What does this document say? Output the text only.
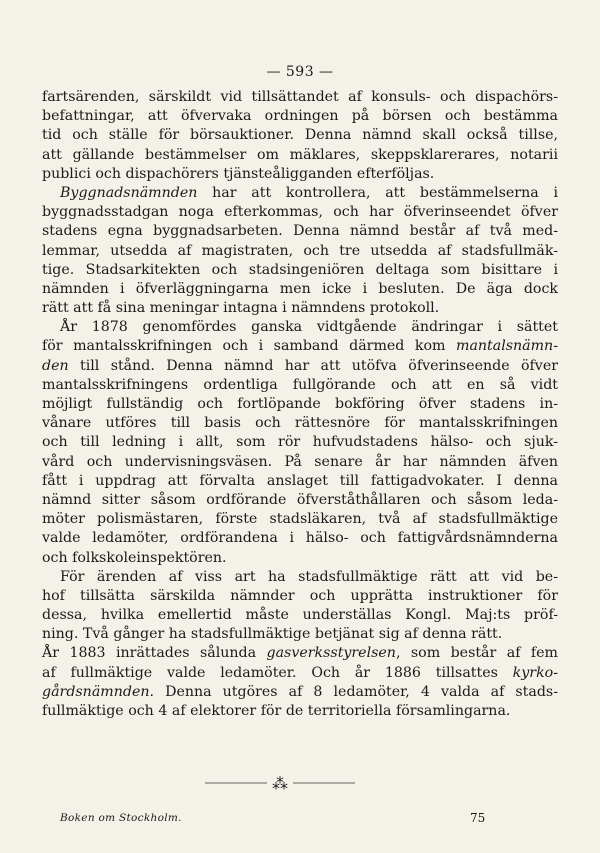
— 593 —
fartsärenden, särskildt vid tillsättandet af konsuls- och dispachörs-
befattningar, att öfvervaka ordningen på börsen och bestämma
tid och ställe för börsauktioner. Denna nämnd skall också tillse,
att gällande bestämmelser om mäklares, skeppsklarerares, notarii
publici och dispachörers tjänsteåligganden efterföljas.
Byggnadsnämnden har att kontrollera, att bestämmelserna i
byggnadsstadgan noga efterkommas, och har öfverinseendet öfver
stadens egna byggnadsarbeten. Denna nämnd består af två med-
lemmar, utsedda af magistraten, och tre utsedda af stadsfullmäk-
tige. Stadsarkitekten och stadsingeniören deltaga som bisittare i
nämnden i öfverläggningarna men icke i besluten. De äga dock
rätt att få sina meningar intagna i nämndens protokoll.
År 1878 genomfördes ganska vidtgående ändringar i sättet
för mantalsskrifningen och i samband därmed kom mantalsnämn-
den till stånd. Denna nämnd har att utöfva öfverinseende öfver
mantalsskrifningens ordentliga fullgörande och att en så vidt
möjligt fullständig och fortlöpande bokföring öfver stadens in-
vånare utföres till basis och rättesnöre för mantalsskrifningen
och till ledning i allt, som rör hufvudstadens hälso- och sjuk-
vård och undervisningsväsen. På senare år har nämnden äfven
fått i uppdrag att förvalta anslaget till fattigadvokater. I denna
nämnd sitter såsom ordförande öfverståthållaren och såsom leda-
möter polismästaren, förste stadsläkaren, två af stadsfullmäktige
valde ledamöter, ordförandena i hälso- och fattigvårdsnämnderna
och folkskoleinspektören.
För ärenden af viss art ha stadsfullmäktige rätt att vid be-
hof tillsätta särskilda nämnder och upprätta instruktioner för
dessa, hvilka emellertid måste underställas Kongl. Maj:ts pröf-
ning. Två gånger ha stadsfullmäktige betjänat sig af denna rätt.
År 1883 inrättades sålunda gasverksstyrelsen, som består af fem
af fullmäktige valde ledamöter. Och år 1886 tillsattes kyrko-
gårdsnämnden. Denna utgöres af 8 ledamöter, 4 valda af stads-
fullmäktige och 4 af elektorer för de territoriella församlingarna.
⁂
Boken om Stockholm.	75
